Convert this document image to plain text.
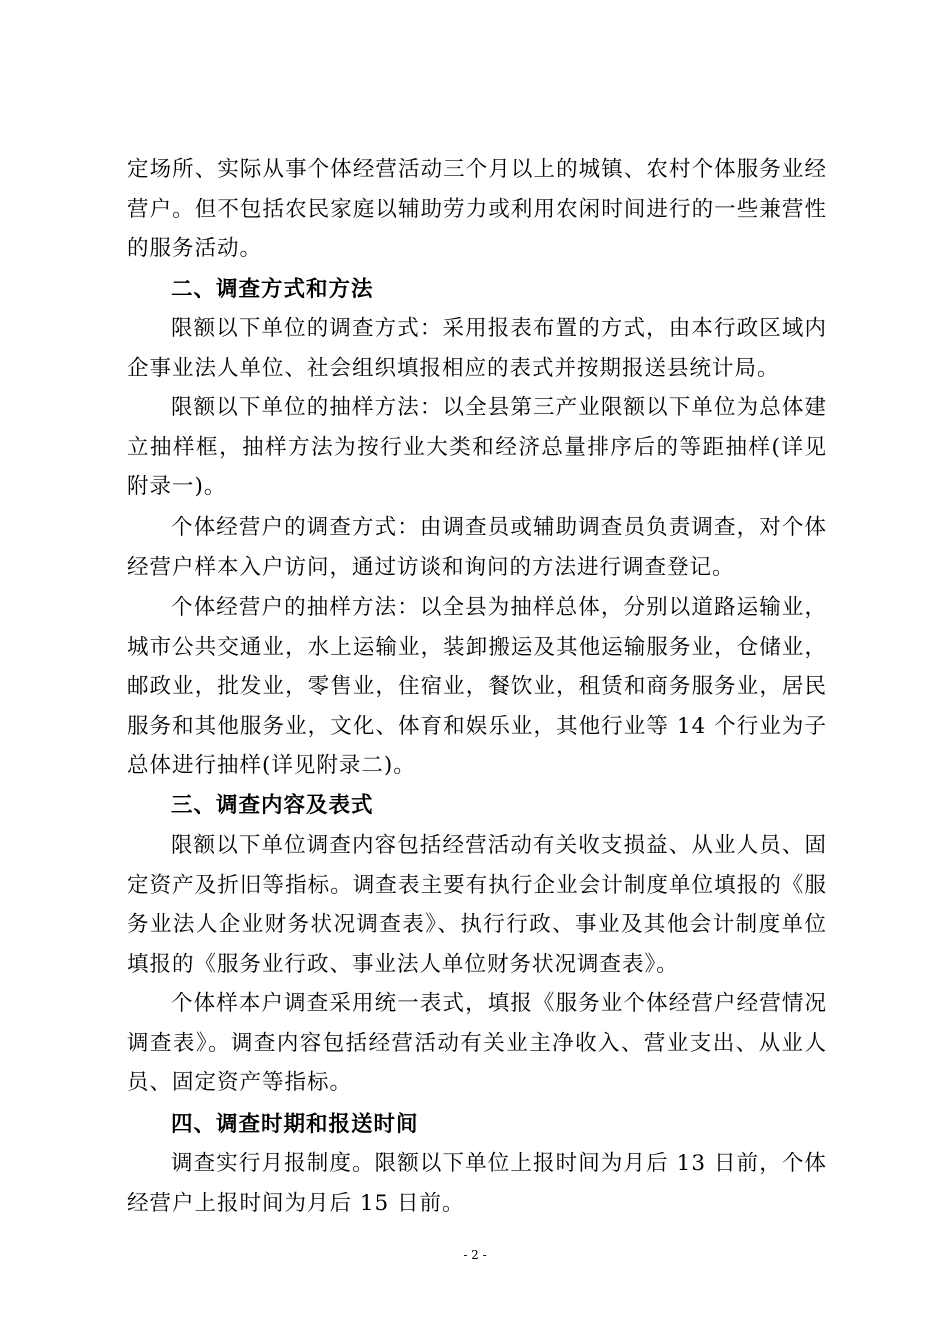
定场所、实际从事个体经营活动三个月以上的城镇、农村个体服务业经营户。但不包括农民家庭以辅助劳力或利用农闲时间进行的一些兼营性的服务活动。

二、调查方式和方法

限额以下单位的调查方式：采用报表布置的方式，由本行政区域内企事业法人单位、社会组织填报相应的表式并按期报送县统计局。

限额以下单位的抽样方法：以全县第三产业限额以下单位为总体建立抽样框，抽样方法为按行业大类和经济总量排序后的等距抽样(详见附录一)。

个体经营户的调查方式：由调查员或辅助调查员负责调查，对个体经营户样本入户访问，通过访谈和询问的方法进行调查登记。

个体经营户的抽样方法：以全县为抽样总体，分别以道路运输业，城市公共交通业，水上运输业，装卸搬运及其他运输服务业，仓储业，邮政业，批发业，零售业，住宿业，餐饮业，租赁和商务服务业，居民服务和其他服务业，文化、体育和娱乐业，其他行业等 14 个行业为子总体进行抽样(详见附录二)。

三、调查内容及表式

限额以下单位调查内容包括经营活动有关收支损益、从业人员、固定资产及折旧等指标。调查表主要有执行企业会计制度单位填报的《服务业法人企业财务状况调查表》、执行行政、事业及其他会计制度单位填报的《服务业行政、事业法人单位财务状况调查表》。

个体样本户调查采用统一表式，填报《服务业个体经营户经营情况调查表》。调查内容包括经营活动有关业主净收入、营业支出、从业人员、固定资产等指标。

四、调查时期和报送时间

调查实行月报制度。限额以下单位上报时间为月后 13 日前，个体经营户上报时间为月后 15 日前。

- 2 -
